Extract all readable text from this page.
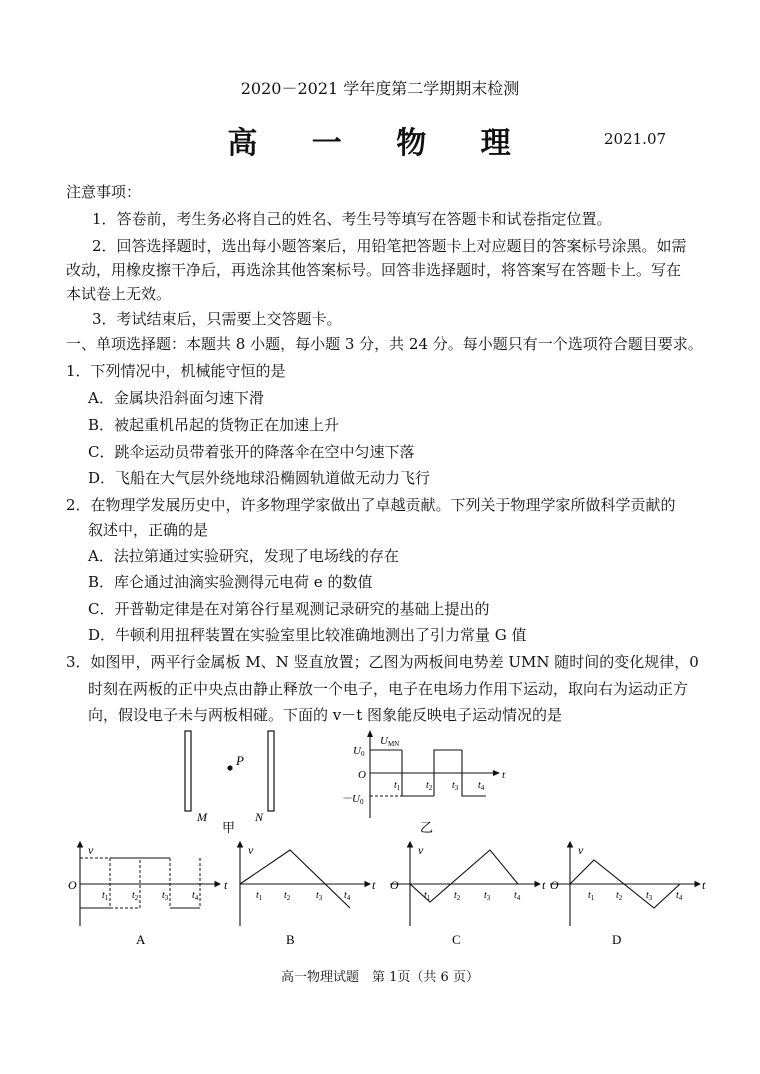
2020－2021 学年度第二学期期末检测
高 一 物 理	2021.07
注意事项：
1．答卷前，考生务必将自己的姓名、考生号等填写在答题卡和试卷指定位置。
2．回答选择题时，选出每小题答案后，用铅笔把答题卡上对应题目的答案标号涂黑。如需
改动，用橡皮擦干净后，再选涂其他答案标号。回答非选择题时，将答案写在答题卡上。写在
本试卷上无效。
3．考试结束后，只需要上交答题卡。
一、单项选择题：本题共 8 小题，每小题 3 分，共 24 分。每小题只有一个选项符合题目要求。
1．下列情况中，机械能守恒的是
A．金属块沿斜面匀速下滑
B．被起重机吊起的货物正在加速上升
C．跳伞运动员带着张开的降落伞在空中匀速下落
D．飞船在大气层外绕地球沿椭圆轨道做无动力飞行
2．在物理学发展历史中，许多物理学家做出了卓越贡献。下列关于物理学家所做科学贡献的
叙述中，正确的是
A．法拉第通过实验研究，发现了电场线的存在
B．库仑通过油滴实验测得元电荷 e 的数值
C．开普勒定律是在对第谷行星观测记录研究的基础上提出的
D．牛顿利用扭秤装置在实验室里比较准确地测出了引力常量 G 值
3．如图甲，两平行金属板 M、N 竖直放置；乙图为两板间电势差 UMN 随时间的变化规律，0
时刻在两板的正中央点由静止释放一个电子，电子在电场力作用下运动，取向右为运动正方
向，假设电子未与两板相碰。下面的 v－t 图象能反映电子运动情况的是
P
M	N
甲
UMN
U0
－U0
O	t
$t_1$	$t_2$ $t_3$ $t_4$
乙
O
v
t
$t_1$ $t_2$ $t_3$ $t_4$
A
v
t
$t_1$ $t_2$	$t_3$ $t_4$
B
O
v
t
$t_1$ $t_2$ $t_3$ $t_4$
C
O
v
t
$t_1$ $t_2$ $t_3$ $t_4$
D
高一物理试题　第 1页（共 6 页）
